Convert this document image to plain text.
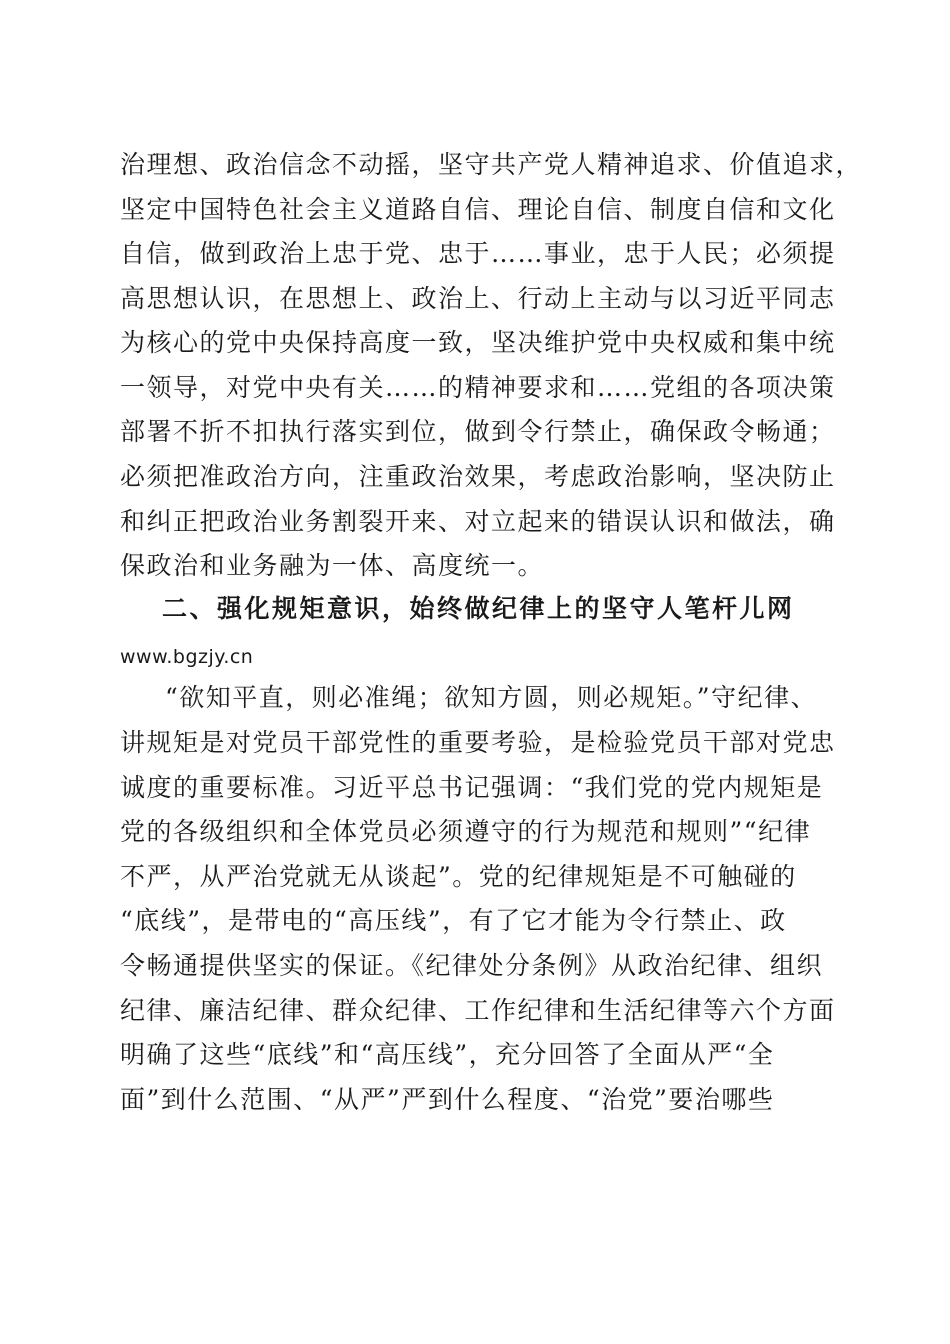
治理想、政治信念不动摇，坚守共产党人精神追求、价值追求，
坚定中国特色社会主义道路自信、理论自信、制度自信和文化
自信，做到政治上忠于党、忠于……事业，忠于人民；必须提
高思想认识，在思想上、政治上、行动上主动与以习近平同志
为核心的党中央保持高度一致，坚决维护党中央权威和集中统
一领导，对党中央有关……的精神要求和……党组的各项决策
部署不折不扣执行落实到位，做到令行禁止，确保政令畅通；
必须把准政治方向，注重政治效果，考虑政治影响，坚决防止
和纠正把政治业务割裂开来、对立起来的错误认识和做法，确
保政治和业务融为一体、高度统一。
二、强化规矩意识，始终做纪律上的坚守人笔杆儿网
www.bgzjy.cn
“欲知平直，则必准绳；欲知方圆，则必规矩。”守纪律、
讲规矩是对党员干部党性的重要考验，是检验党员干部对党忠
诚度的重要标准。习近平总书记强调：“我们党的党内规矩是
党的各级组织和全体党员必须遵守的行为规范和规则”“纪律
不严，从严治党就无从谈起”。党的纪律规矩是不可触碰的
“底线”，是带电的“高压线”，有了它才能为令行禁止、政
令畅通提供坚实的保证。《纪律处分条例》从政治纪律、组织
纪律、廉洁纪律、群众纪律、工作纪律和生活纪律等六个方面
明确了这些“底线”和“高压线”，充分回答了全面从严“全
面”到什么范围、“从严”严到什么程度、“治党”要治哪些
